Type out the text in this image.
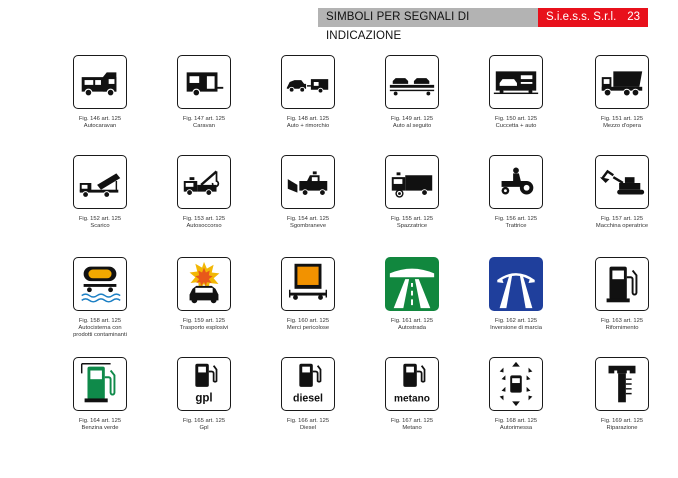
SIMBOLI PER SEGNALI DI INDICAZIONE
S.i.e.s.s. S.r.l. 23
Fig. 146 art. 125
Autocaravan
Fig. 147 art. 125
Caravan
Fig. 148 art. 125
Auto + rimorchio
Fig. 149 art. 125
Auto al seguito
Fig. 150 art. 125
Cuccetta + auto
Fig. 151 art. 125
Mezzo d'opera
Fig. 152 art. 125
Scarico
Fig. 153 art. 125
Autosoccorso
Fig. 154 art. 125
Sgombraneve
Fig. 155 art. 125
Spazzatrice
Fig. 156 art. 125
Trattrice
Fig. 157 art. 125
Macchina operatrice
Fig. 158 art. 125
Autocisterna con
prodotti contaminanti
Fig. 159 art. 125
Trasporto esplosivi
Fig. 160 art. 125
Merci pericolose
Fig. 161 art. 125
Autostrada
Fig. 162 art. 125
Inversione di marcia
Fig. 163 art. 125
Rifornimento
Fig. 164 art. 125
Benzina verde
gpl
Fig. 165 art. 125
Gpl
diesel
Fig. 166 art. 125
Diesel
metano
Fig. 167 art. 125
Metano
Fig. 168 art. 125
Autorimessa
Fig. 169 art. 125
Riparazione
